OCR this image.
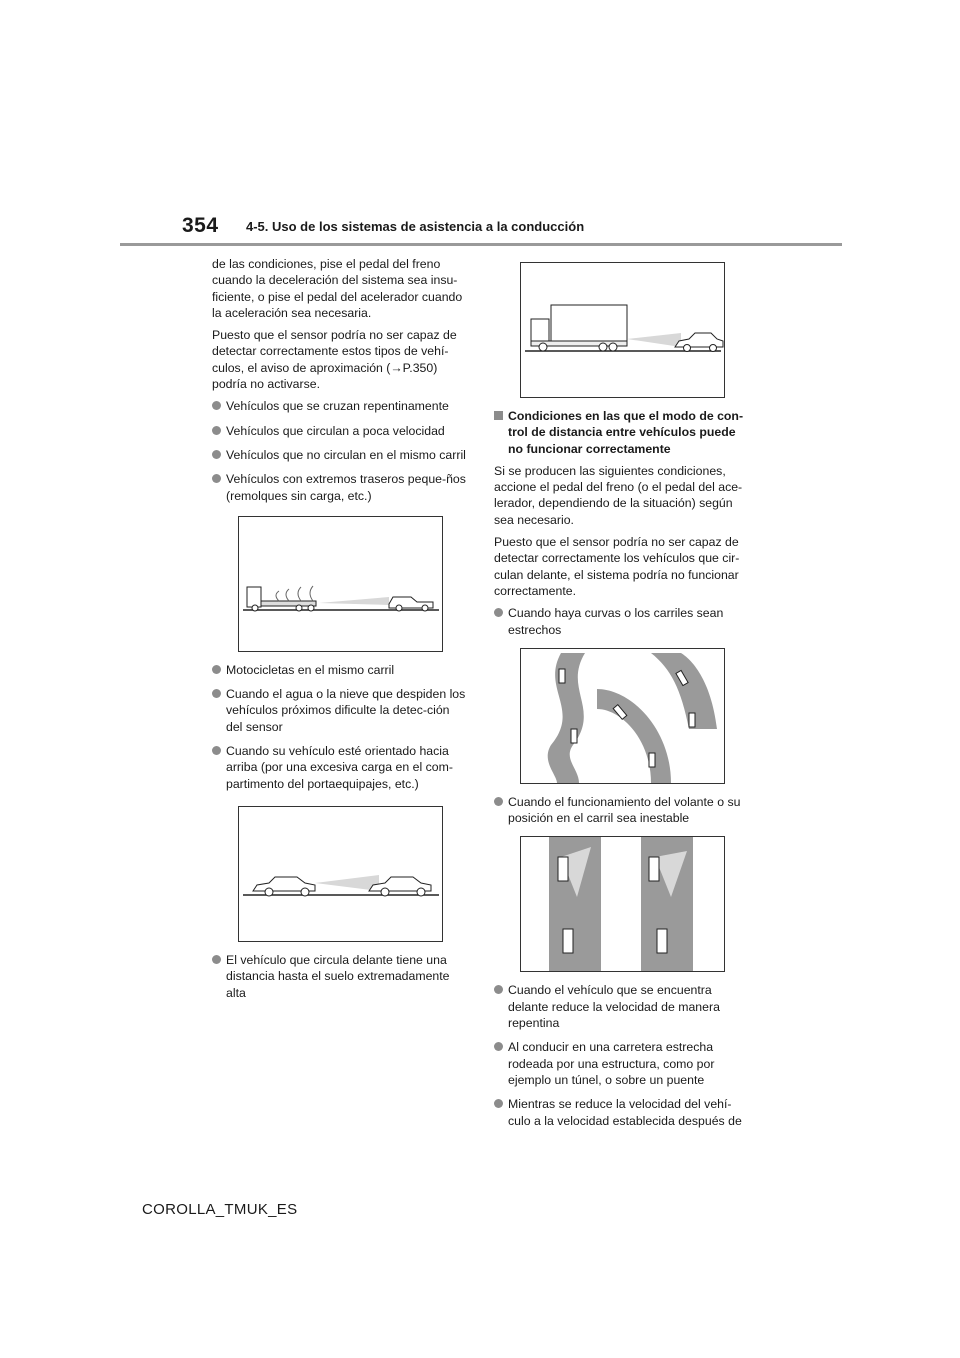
354 4-5. Uso de los sistemas de asistencia a la conducción

de las condiciones, pise el pedal del freno cuando la deceleración del sistema sea insu-ficiente, o pise el pedal del acelerador cuando la aceleración sea necesaria.

Puesto que el sensor podría no ser capaz de detectar correctamente estos tipos de vehí-culos, el aviso de aproximación (→P.350) podría no activarse.

Vehículos que se cruzan repentinamente
Vehículos que circulan a poca velocidad
Vehículos que no circulan en el mismo carril
Vehículos con extremos traseros peque-ños (remolques sin carga, etc.)
Motocicletas en el mismo carril
Cuando el agua o la nieve que despiden los vehículos próximos dificulte la detec-ción del sensor
Cuando su vehículo esté orientado hacia arriba (por una excesiva carga en el com-partimento del portaequipajes, etc.)
El vehículo que circula delante tiene una distancia hasta el suelo extremadamente alta
Condiciones en las que el modo de con-trol de distancia entre vehículos puede no funcionar correctamente

Si se producen las siguientes condiciones, accione el pedal del freno (o el pedal del ace-lerador, dependiendo de la situación) según sea necesario.

Puesto que el sensor podría no ser capaz de detectar correctamente los vehículos que cir-culan delante, el sistema podría no funcionar correctamente.

Cuando haya curvas o los carriles sean estrechos
Cuando el funcionamiento del volante o su posición en el carril sea inestable
Cuando el vehículo que se encuentra delante reduce la velocidad de manera repentina
Al conducir en una carretera estrecha rodeada por una estructura, como por ejemplo un túnel, o sobre un puente
Mientras se reduce la velocidad del vehí-culo a la velocidad establecida después de
COROLLA_TMUK_ES
